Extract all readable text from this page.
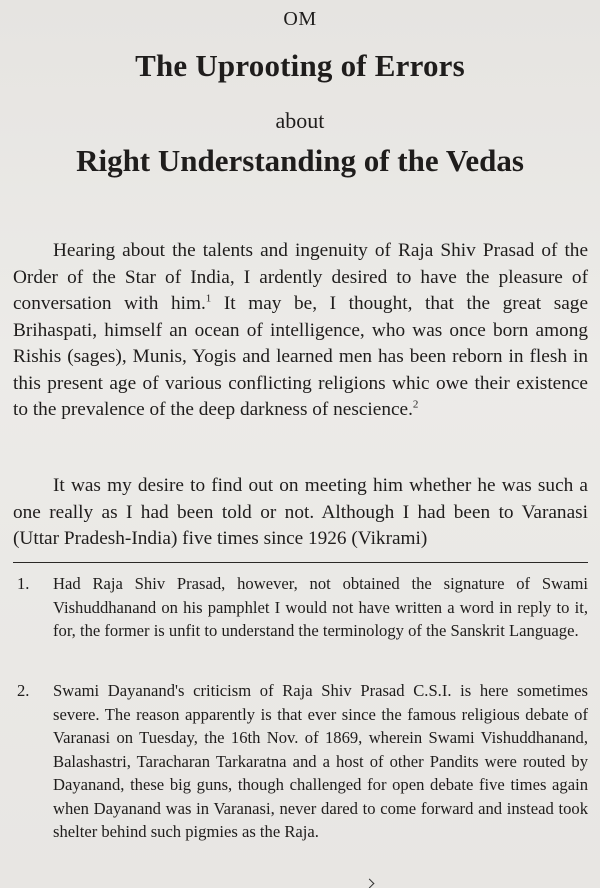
OM
The Uprooting of Errors
about
Right Understanding of the Vedas
Hearing about the talents and ingenuity of Raja Shiv Prasad of the Order of the Star of India, I ardently desired to have the pleasure of conversation with him.$^1$ It may be, I thought, that the great sage Brihaspati, himself an ocean of intelligence, who was once born among Rishis (sages), Munis, Yogis and learned men has been reborn in flesh in this present age of various conflicting religions whic owe their existence to the prevalence of the deep darkness of nescience.$^2$
It was my desire to find out on meeting him whether he was such a one really as I had been told or not. Although I had been to Varanasi (Uttar Pradesh-India) five times since 1926 (Vikrami)
1. Had Raja Shiv Prasad, however, not obtained the signature of Swami Vishuddhanand on his pamphlet I would not have written a word in reply to it, for, the former is unfit to understand the terminology of the Sanskrit Language.
2. Swami Dayanand's criticism of Raja Shiv Prasad C.S.I. is here sometimes severe. The reason apparently is that ever since the famous religious debate of Varanasi on Tuesday, the 16th Nov. of 1869, wherein Swami Vishuddhanand, Balashastri, Taracharan Tarkaratna and a host of other Pandits were routed by Dayanand, these big guns, though challenged for open debate five times again when Dayanand was in Varanasi, never dared to come forward and instead took shelter behind such pigmies as the Raja.
